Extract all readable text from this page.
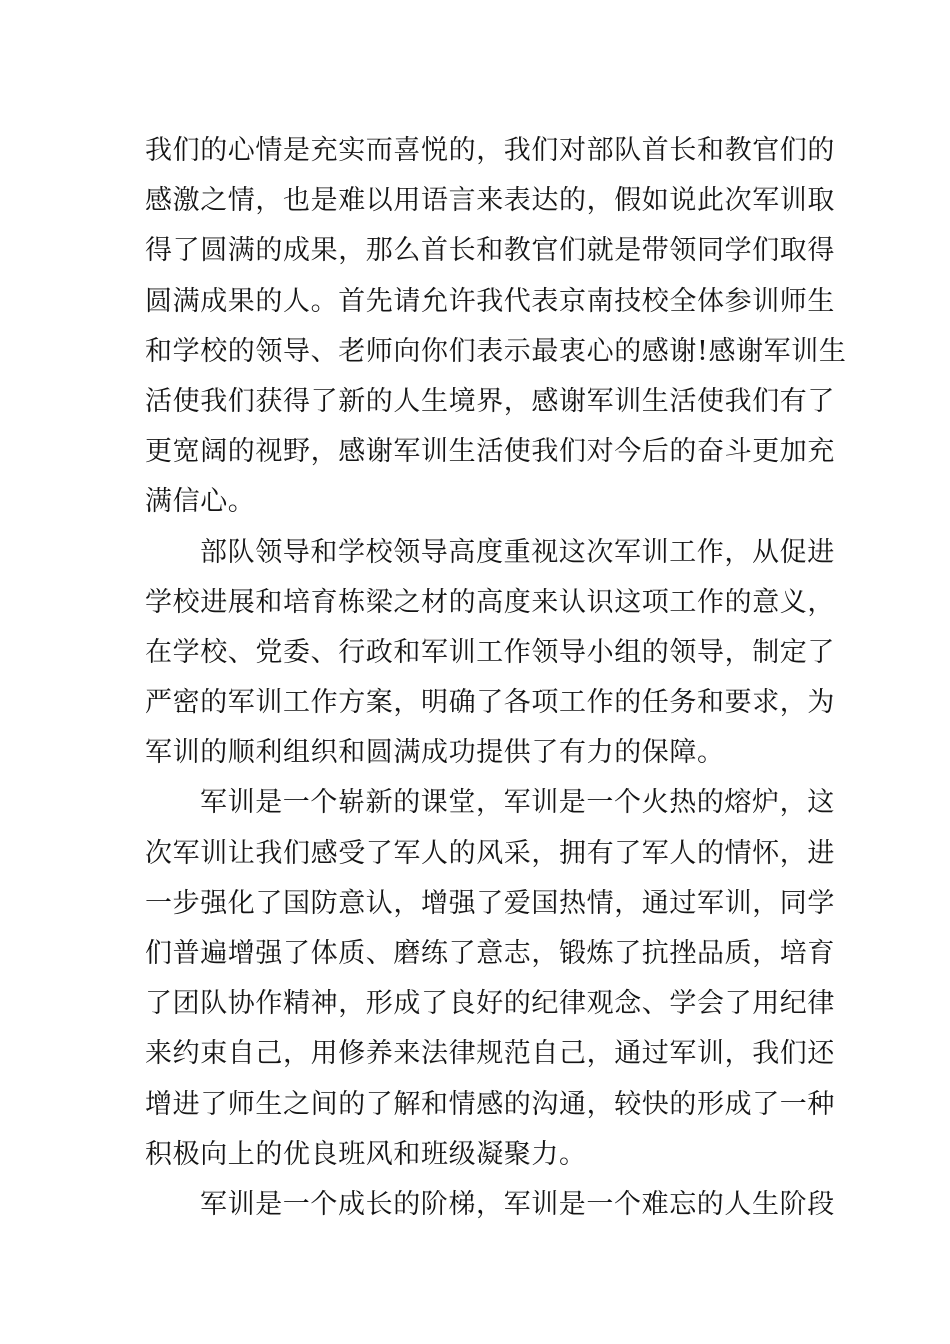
我们的心情是充实而喜悦的，我们对部队首长和教官们的
感激之情，也是难以用语言来表达的，假如说此次军训取
得了圆满的成果，那么首长和教官们就是带领同学们取得
圆满成果的人。首先请允许我代表京南技校全体参训师生
和学校的领导、老师向你们表示最衷心的感谢!感谢军训生
活使我们获得了新的人生境界，感谢军训生活使我们有了
更宽阔的视野，感谢军训生活使我们对今后的奋斗更加充
满信心。
部队领导和学校领导高度重视这次军训工作，从促进
学校进展和培育栋梁之材的高度来认识这项工作的意义，
在学校、党委、行政和军训工作领导小组的领导，制定了
严密的军训工作方案，明确了各项工作的任务和要求，为
军训的顺利组织和圆满成功提供了有力的保障。
军训是一个崭新的课堂，军训是一个火热的熔炉，这
次军训让我们感受了军人的风采，拥有了军人的情怀，进
一步强化了国防意认，增强了爱国热情，通过军训，同学
们普遍增强了体质、磨练了意志，锻炼了抗挫品质，培育
了团队协作精神，形成了良好的纪律观念、学会了用纪律
来约束自己，用修养来法律规范自己，通过军训，我们还
增进了师生之间的了解和情感的沟通，较快的形成了一种
积极向上的优良班风和班级凝聚力。
军训是一个成长的阶梯，军训是一个难忘的人生阶段
